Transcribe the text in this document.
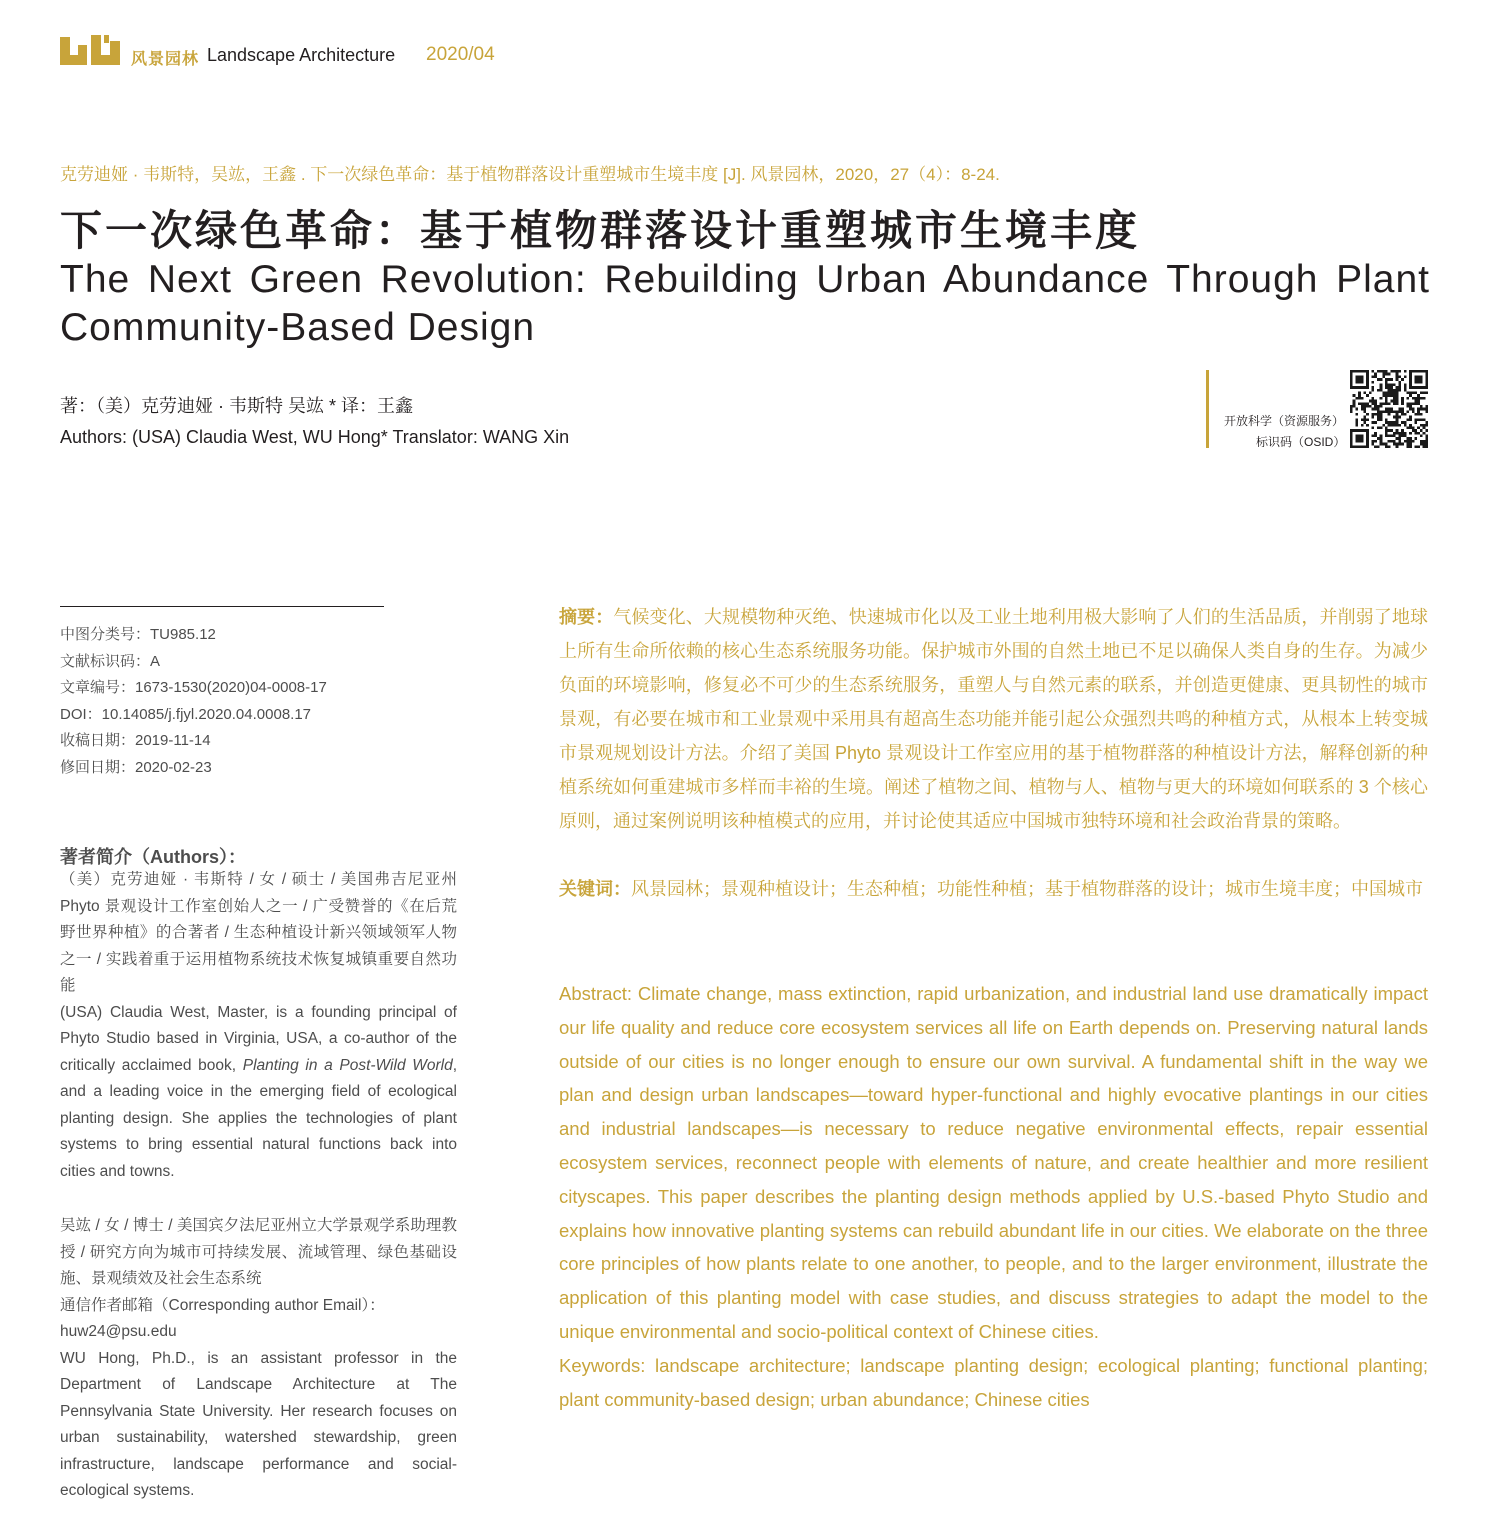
风景园林 Landscape Architecture 2020/04
克劳迪娅 · 韦斯特，吴竑，王鑫 . 下一次绿色革命：基于植物群落设计重塑城市生境丰度 [J]. 风景园林，2020，27（4）：8-24.
下一次绿色革命：基于植物群落设计重塑城市生境丰度
The Next Green Revolution: Rebuilding Urban Abundance Through Plant Community-Based Design
著：（美）克劳迪娅 · 韦斯特 吴竑 * 译：王鑫
Authors: (USA) Claudia West, WU Hong* Translator: WANG Xin
开放科学（资源服务）
标识码（OSID）
中图分类号：TU985.12
文献标识码：A
文章编号：1673-1530(2020)04-0008-17
DOI：10.14085/j.fjyl.2020.04.0008.17
收稿日期：2019-11-14
修回日期：2020-02-23
著者简介（Authors）：

（美）克劳迪娅 · 韦斯特 / 女 / 硕士 / 美国弗吉尼亚州 Phyto 景观设计工作室创始人之一 / 广受赞誉的《在后荒野世界种植》的合著者 / 生态种植设计新兴领域领军人物之一 / 实践着重于运用植物系统技术恢复城镇重要自然功能

(USA) Claudia West, Master, is a founding principal of Phyto Studio based in Virginia, USA, a co-author of the critically acclaimed book, Planting in a Post-Wild World, and a leading voice in the emerging field of ecological planting design. She applies the technologies of plant systems to bring essential natural functions back into cities and towns.

吴竑 / 女 / 博士 / 美国宾夕法尼亚州立大学景观学系助理教授 / 研究方向为城市可持续发展、流域管理、绿色基础设施、景观绩效及社会生态系统

通信作者邮箱（Corresponding author Email）：

huw24@psu.edu

WU Hong, Ph.D., is an assistant professor in the Department of Landscape Architecture at The Pennsylvania State University. Her research focuses on urban sustainability, watershed stewardship, green infrastructure, landscape performance and social-ecological systems.

摘要：气候变化、大规模物种灭绝、快速城市化以及工业土地利用极大影响了人们的生活品质，并削弱了地球上所有生命所依赖的核心生态系统服务功能。保护城市外围的自然土地已不足以确保人类自身的生存。为减少负面的环境影响，修复必不可少的生态系统服务，重塑人与自然元素的联系，并创造更健康、更具韧性的城市景观，有必要在城市和工业景观中采用具有超高生态功能并能引起公众强烈共鸣的种植方式，从根本上转变城市景观规划设计方法。介绍了美国 Phyto 景观设计工作室应用的基于植物群落的种植设计方法，解释创新的种植系统如何重建城市多样而丰裕的生境。阐述了植物之间、植物与人、植物与更大的环境如何联系的 3 个核心原则，通过案例说明该种植模式的应用，并讨论使其适应中国城市独特环境和社会政治背景的策略。
关键词：风景园林；景观种植设计；生态种植；功能性种植；基于植物群落的设计；城市生境丰度；中国城市
Abstract: Climate change, mass extinction, rapid urbanization, and industrial land use dramatically impact our life quality and reduce core ecosystem services all life on Earth depends on. Preserving natural lands outside of our cities is no longer enough to ensure our own survival. A fundamental shift in the way we plan and design urban landscapes—toward hyper-functional and highly evocative plantings in our cities and industrial landscapes—is necessary to reduce negative environmental effects, repair essential ecosystem services, reconnect people with elements of nature, and create healthier and more resilient cityscapes. This paper describes the planting design methods applied by U.S.-based Phyto Studio and explains how innovative planting systems can rebuild abundant life in our cities. We elaborate on the three core principles of how plants relate to one another, to people, and to the larger environment, illustrate the application of this planting model with case studies, and discuss strategies to adapt the model to the unique environmental and socio-political context of Chinese cities.
Keywords: landscape architecture; landscape planting design; ecological planting; functional planting; plant community-based design; urban abundance; Chinese cities
